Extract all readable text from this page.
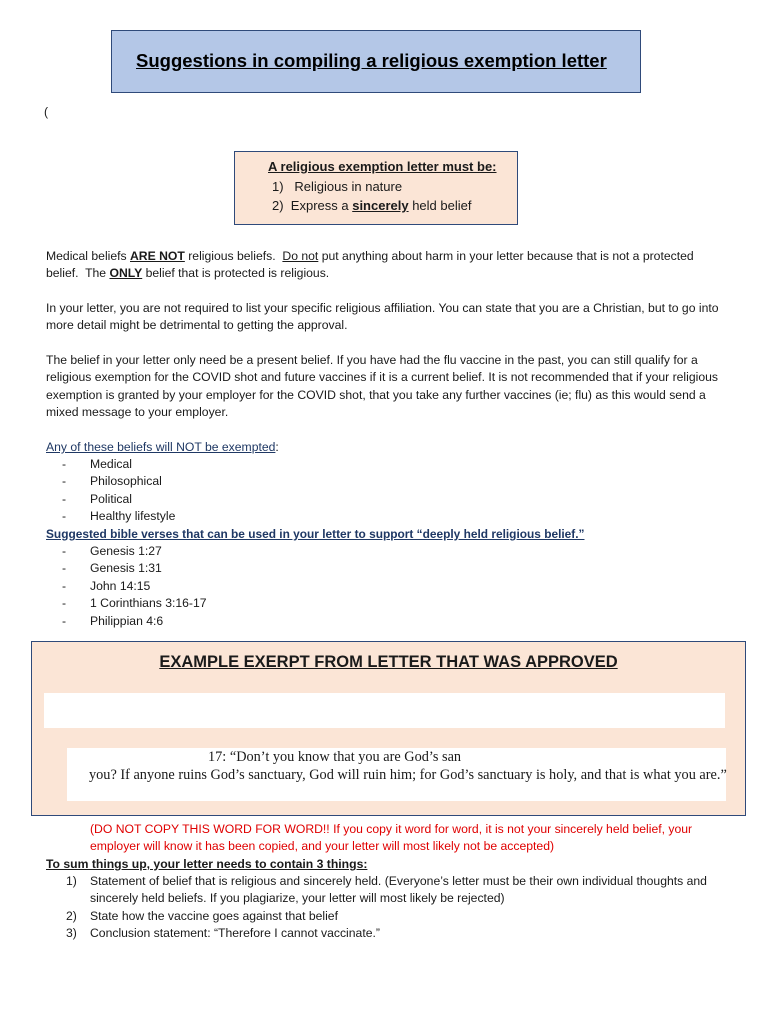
Suggestions in compiling a religious exemption letter
(
A religious exemption letter must be:
1) Religious in nature
2) Express a sincerely held belief

Medical beliefs ARE NOT religious beliefs.  Do not put anything about harm in your letter because that is not a protected belief.  The ONLY belief that is protected is religious.

In your letter, you are not required to list your specific religious affiliation. You can state that you are a Christian, but to go into more detail might be detrimental to getting the approval.

The belief in your letter only need be a present belief. If you have had the flu vaccine in the past, you can still qualify for a religious exemption for the COVID shot and future vaccines if it is a current belief. It is not recommended that if your religious exemption is granted by your employer for the COVID shot, that you take any further vaccines (ie; flu) as this would send a mixed message to your employer.

Any of these beliefs will NOT be exempted:
-	Medical
-	Philosophical
-	Political
-	Healthy lifestyle
Suggested bible verses that can be used in your letter to support “deeply held religious belief.”
-	Genesis 1:27
-	Genesis 1:31
-	John 14:15
-	1 Corinthians 3:16-17
-	Philippian 4:6
EXAMPLE EXERPT FROM LETTER THAT WAS APPROVED
17: “Don’t you know that you are God’s san
you? If anyone ruins God’s sanctuary, God will ruin him; for God’s sanctuary is holy, and that is what you are.”

(DO NOT COPY THIS WORD FOR WORD!! If you copy it word for word, it is not your sincerely held belief, your employer will know it has been copied, and your letter will most likely not be accepted)

To sum things up, your letter needs to contain 3 things:
1)	Statement of belief that is religious and sincerely held. (Everyone’s letter must be their own individual thoughts and sincerely held beliefs. If you plagiarize, your letter will most likely be rejected)
2)	State how the vaccine goes against that belief
3)	Conclusion statement: “Therefore I cannot vaccinate.”
